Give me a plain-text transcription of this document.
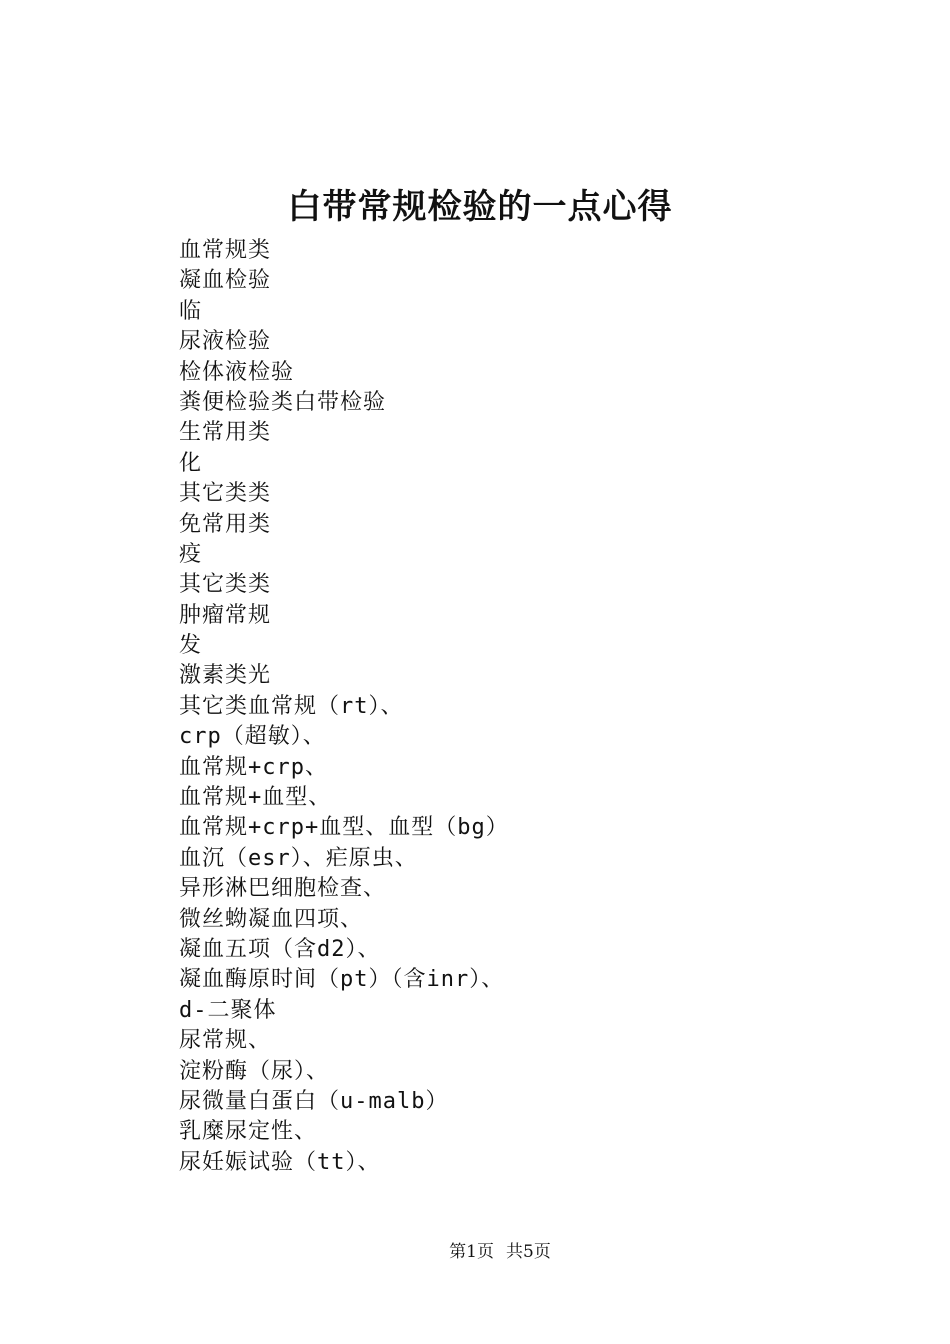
白带常规检验的一点心得
血常规类
凝血检验
临
尿液检验
检体液检验
粪便检验类白带检验
生常用类
化
其它类类
免常用类
疫
其它类类
肿瘤常规
发
激素类光
其它类血常规（rt）、
crp（超敏）、
血常规+crp、
血常规+血型、
血常规+crp+血型、血型（bg）
血沉（esr）、疟原虫、
异形淋巴细胞检查、
微丝蚴凝血四项、
凝血五项（含d2）、
凝血酶原时间（pt）（含inr）、
d-二聚体
尿常规、
淀粉酶（尿）、
尿微量白蛋白（u-malb）
乳糜尿定性、
尿妊娠试验（tt）、
第1页 共5页
